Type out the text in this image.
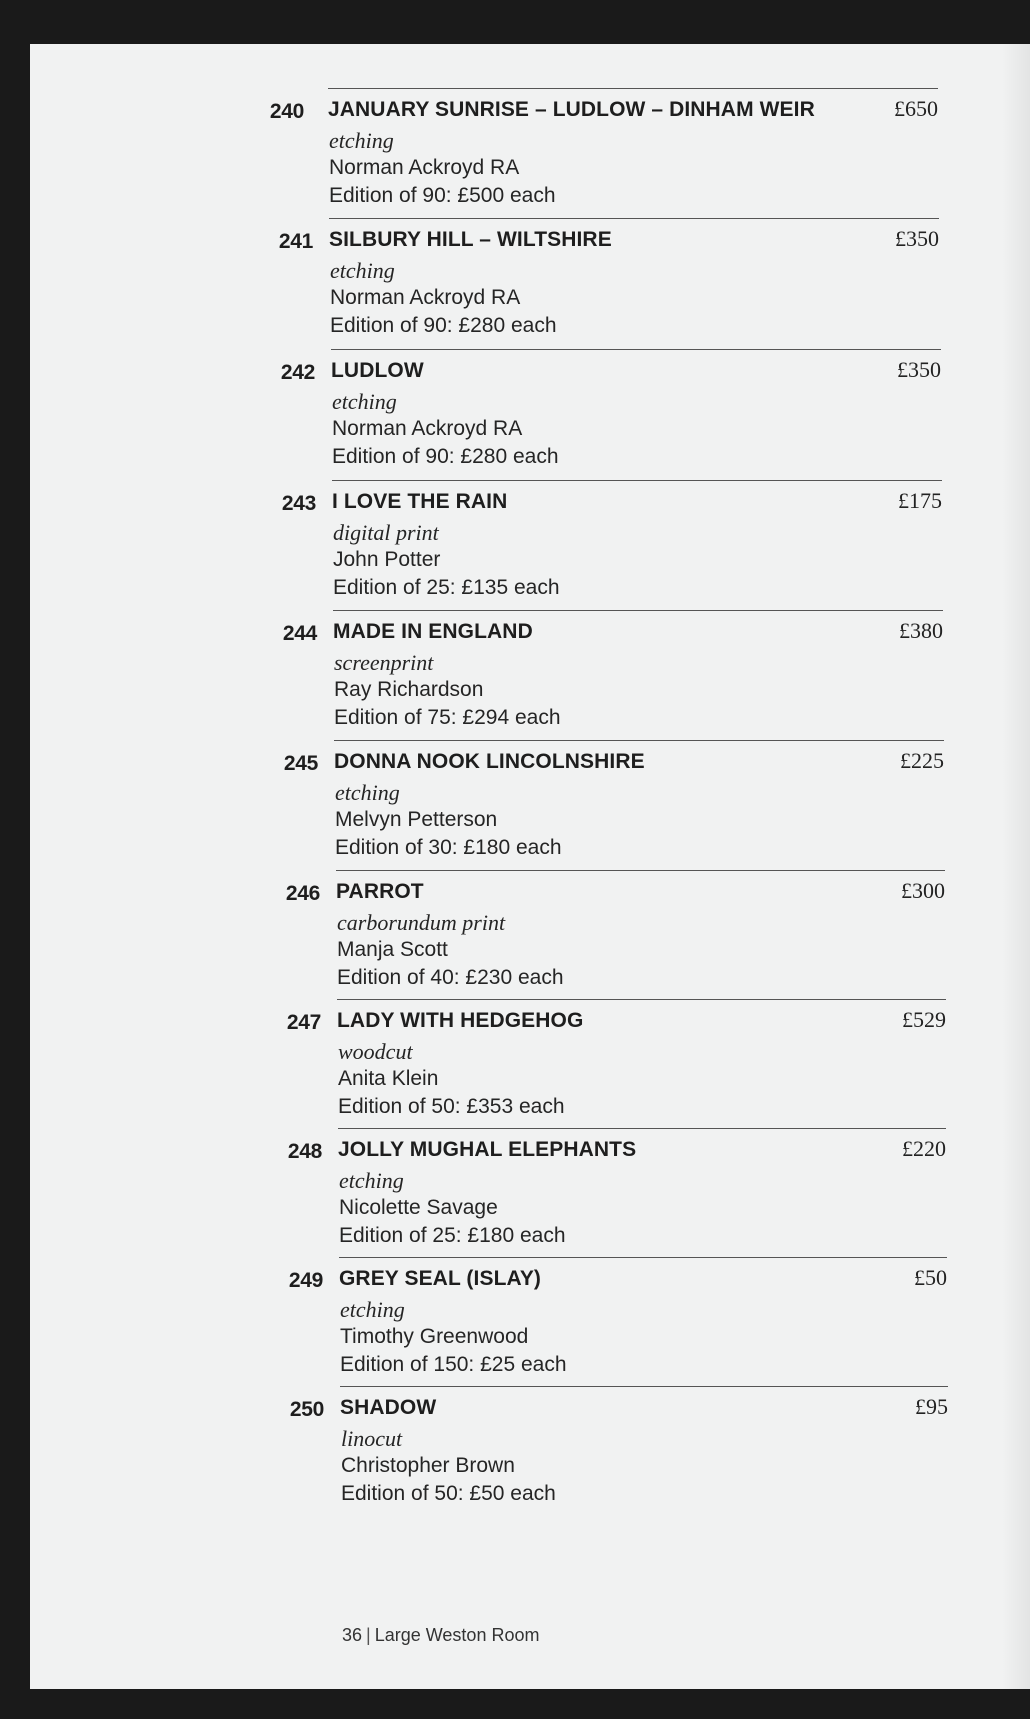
240 JANUARY SUNRISE – LUDLOW – DINHAM WEIR	£650
etching
Norman Ackroyd RA
Edition of 90: £500 each
241 SILBURY HILL – WILTSHIRE	£350
etching
Norman Ackroyd RA
Edition of 90: £280 each
242 LUDLOW	£350
etching
Norman Ackroyd RA
Edition of 90: £280 each
243 I LOVE THE RAIN	£175
digital print
John Potter
Edition of 25: £135 each
244 MADE IN ENGLAND	£380
screenprint
Ray Richardson
Edition of 75: £294 each
245 DONNA NOOK LINCOLNSHIRE	£225
etching
Melvyn Petterson
Edition of 30: £180 each
246 PARROT	£300
carborundum print
Manja Scott
Edition of 40: £230 each
247 LADY WITH HEDGEHOG	£529
woodcut
Anita Klein
Edition of 50: £353 each
248 JOLLY MUGHAL ELEPHANTS	£220
etching
Nicolette Savage
Edition of 25: £180 each
249 GREY SEAL (ISLAY)	£50
etching
Timothy Greenwood
Edition of 150: £25 each
250 SHADOW	£95
linocut
Christopher Brown
Edition of 50: £50 each
36 | Large Weston Room
